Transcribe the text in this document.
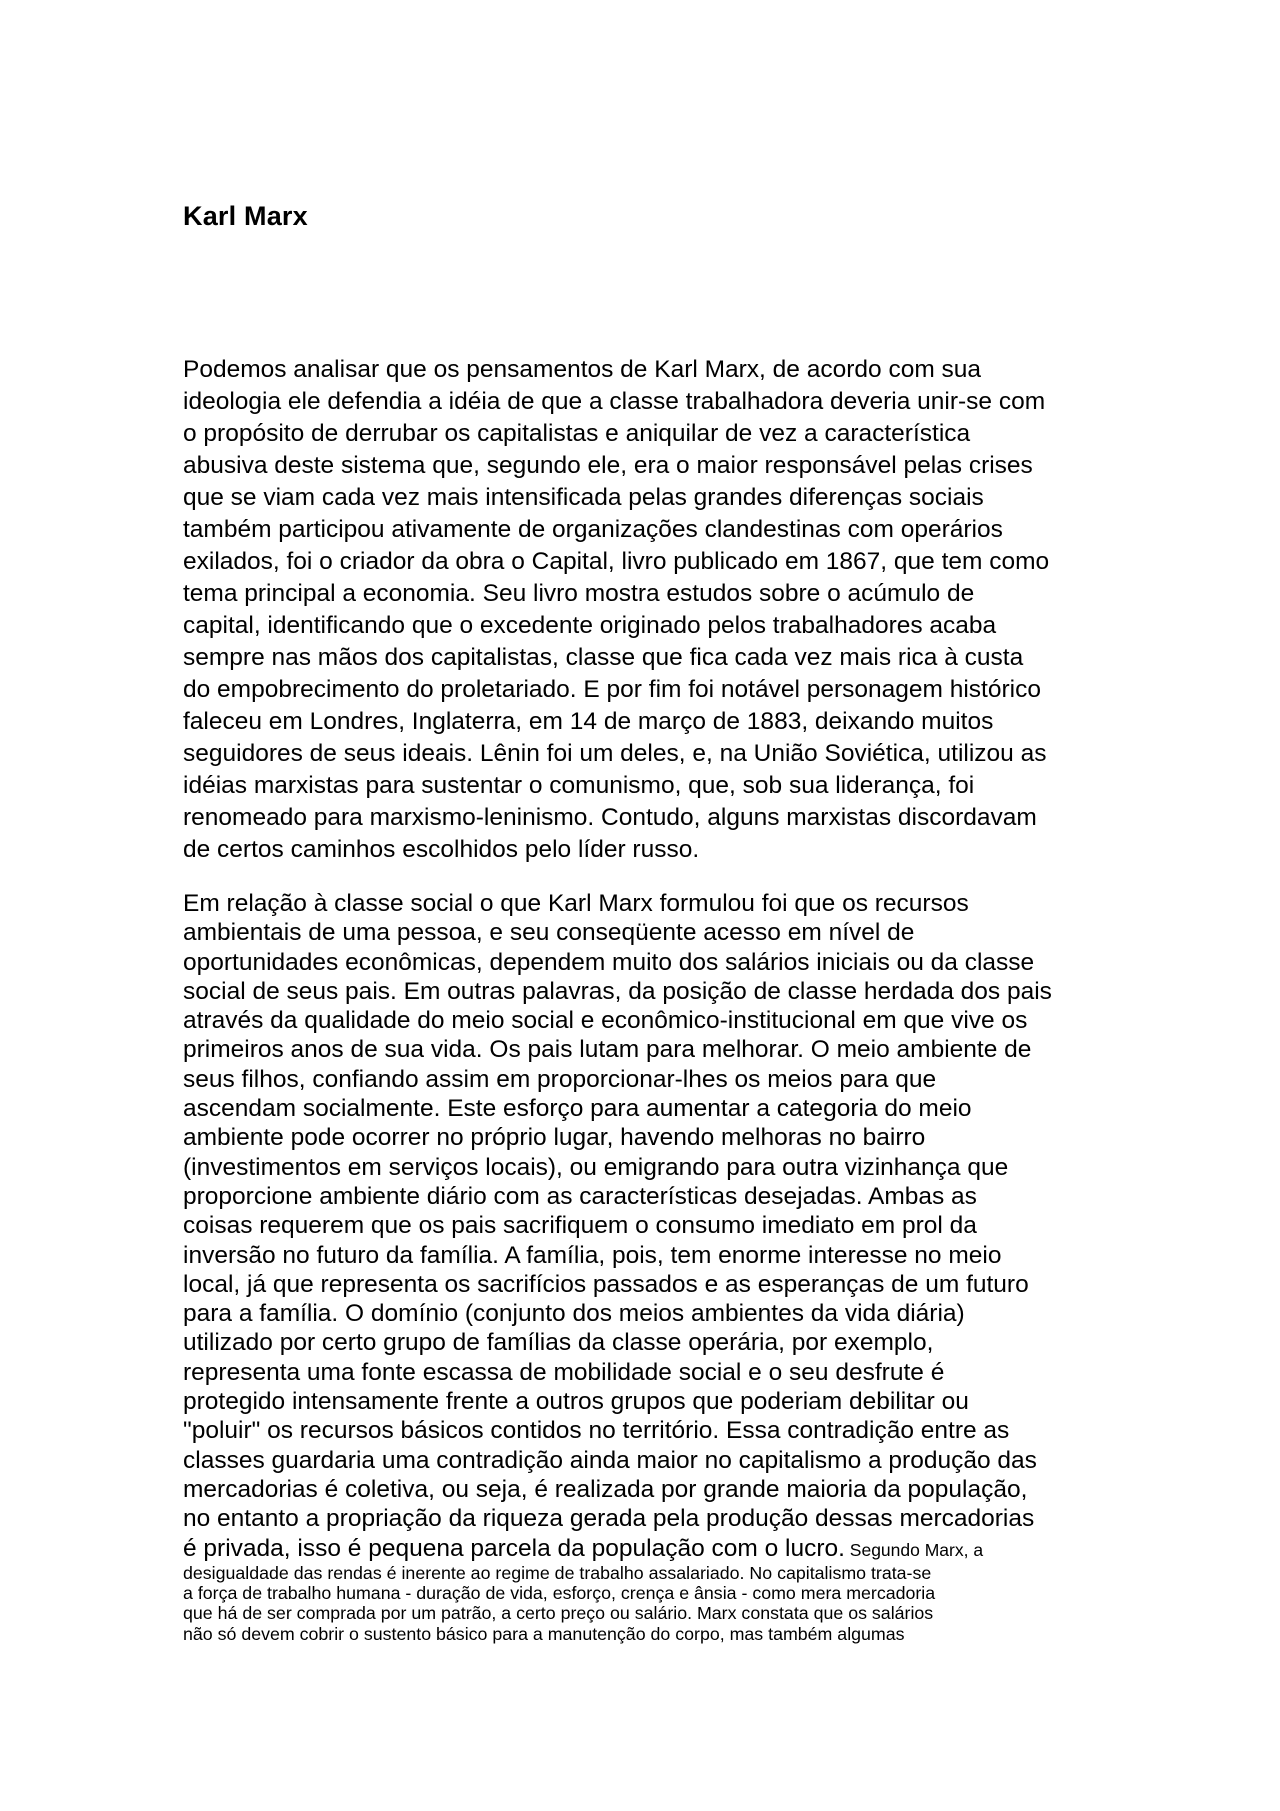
Karl Marx

Podemos analisar que os pensamentos de Karl Marx, de acordo com sua
ideologia ele defendia a idéia de que a classe trabalhadora deveria unir-se com
o propósito de derrubar os capitalistas e aniquilar de vez a característica
abusiva deste sistema que, segundo ele, era o maior responsável pelas crises
que se viam cada vez mais intensificada pelas grandes diferenças sociais
também participou ativamente de organizações clandestinas com operários
exilados, foi o criador da obra o Capital, livro publicado em 1867, que tem como
tema principal a economia. Seu livro mostra estudos sobre o acúmulo de
capital, identificando que o excedente originado pelos trabalhadores acaba
sempre nas mãos dos capitalistas, classe que fica cada vez mais rica à custa
do empobrecimento do proletariado. E por fim foi notável personagem histórico
faleceu em Londres, Inglaterra, em 14 de março de 1883, deixando muitos
seguidores de seus ideais. Lênin foi um deles, e, na União Soviética, utilizou as
idéias marxistas para sustentar o comunismo, que, sob sua liderança, foi
renomeado para marxismo-leninismo. Contudo, alguns marxistas discordavam
de certos caminhos escolhidos pelo líder russo.

Em relação à classe social o que Karl Marx formulou foi que os recursos
ambientais de uma pessoa, e seu conseqüente acesso em nível de
oportunidades econômicas, dependem muito dos salários iniciais ou da classe
social de seus pais. Em outras palavras, da posição de classe herdada dos pais
através da qualidade do meio social e econômico-institucional em que vive os
primeiros anos de sua vida. Os pais lutam para melhorar. O meio ambiente de
seus filhos, confiando assim em proporcionar-lhes os meios para que
ascendam socialmente. Este esforço para aumentar a categoria do meio
ambiente pode ocorrer no próprio lugar, havendo melhoras no bairro
(investimentos em serviços locais), ou emigrando para outra vizinhança que
proporcione ambiente diário com as características desejadas. Ambas as
coisas requerem que os pais sacrifiquem o consumo imediato em prol da
inversão no futuro da família. A família, pois, tem enorme interesse no meio
local, já que representa os sacrifícios passados e as esperanças de um futuro
para a família. O domínio (conjunto dos meios ambientes da vida diária)
utilizado por certo grupo de famílias da classe operária, por exemplo,
representa uma fonte escassa de mobilidade social e o seu desfrute é
protegido intensamente frente a outros grupos que poderiam debilitar ou
"poluir" os recursos básicos contidos no território. Essa contradição entre as
classes guardaria uma contradição ainda maior no capitalismo a produção das
mercadorias é coletiva, ou seja, é realizada por grande maioria da população,
no entanto a propriação da riqueza gerada pela produção dessas mercadorias
é privada, isso é pequena parcela da população com o lucro. Segundo Marx, a
desigualdade das rendas é inerente ao regime de trabalho assalariado. No capitalismo trata-se
a força de trabalho humana - duração de vida, esforço, crença e ânsia - como mera mercadoria
que há de ser comprada por um patrão, a certo preço ou salário. Marx constata que os salários
não só devem cobrir o sustento básico para a manutenção do corpo, mas também algumas
